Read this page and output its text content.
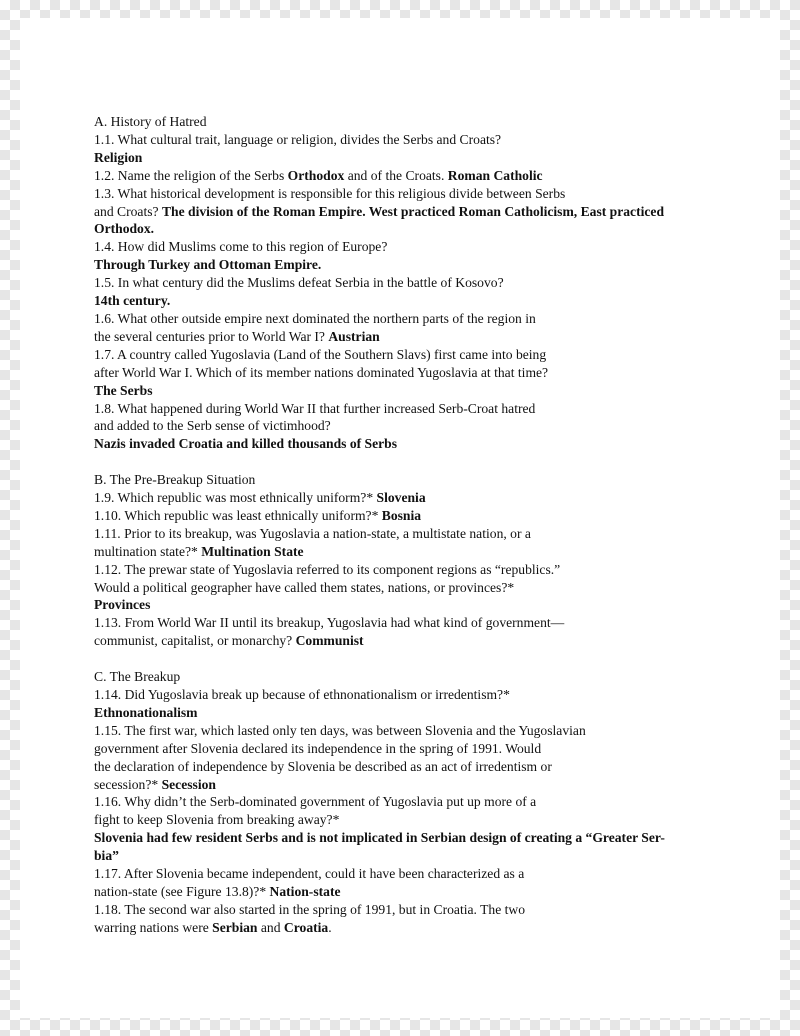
A. History of Hatred
1.1. What cultural trait, language or religion, divides the Serbs and Croats?
Religion
1.2. Name the religion of the Serbs Orthodox and of the Croats. Roman Catholic
1.3. What historical development is responsible for this religious divide between Serbs
and Croats? The division of the Roman Empire. West practiced Roman Catholicism, East practiced
Orthodox.
1.4. How did Muslims come to this region of Europe?
Through Turkey and Ottoman Empire.
1.5. In what century did the Muslims defeat Serbia in the battle of Kosovo?
14th century.
1.6. What other outside empire next dominated the northern parts of the region in
the several centuries prior to World War I? Austrian
1.7. A country called Yugoslavia (Land of the Southern Slavs) first came into being
after World War I. Which of its member nations dominated Yugoslavia at that time?
The Serbs
1.8. What happened during World War II that further increased Serb-Croat hatred
and added to the Serb sense of victimhood?
Nazis invaded Croatia and killed thousands of Serbs
B. The Pre-Breakup Situation
1.9. Which republic was most ethnically uniform?* Slovenia
1.10. Which republic was least ethnically uniform?* Bosnia
1.11. Prior to its breakup, was Yugoslavia a nation-state, a multistate nation, or a
multination state?* Multination State
1.12. The prewar state of Yugoslavia referred to its component regions as “republics.”
Would a political geographer have called them states, nations, or provinces?*
Provinces
1.13. From World War II until its breakup, Yugoslavia had what kind of government—
communist, capitalist, or monarchy? Communist
C. The Breakup
1.14. Did Yugoslavia break up because of ethnonationalism or irredentism?*
Ethnonationalism
1.15. The first war, which lasted only ten days, was between Slovenia and the Yugoslavian
government after Slovenia declared its independence in the spring of 1991. Would
the declaration of independence by Slovenia be described as an act of irredentism or
secession?* Secession
1.16. Why didn’t the Serb-dominated government of Yugoslavia put up more of a
fight to keep Slovenia from breaking away?*
Slovenia had few resident Serbs and is not implicated in Serbian design of creating a “Greater Ser-
bia”
1.17. After Slovenia became independent, could it have been characterized as a
nation-state (see Figure 13.8)?* Nation-state
1.18. The second war also started in the spring of 1991, but in Croatia. The two
warring nations were Serbian and Croatia.
